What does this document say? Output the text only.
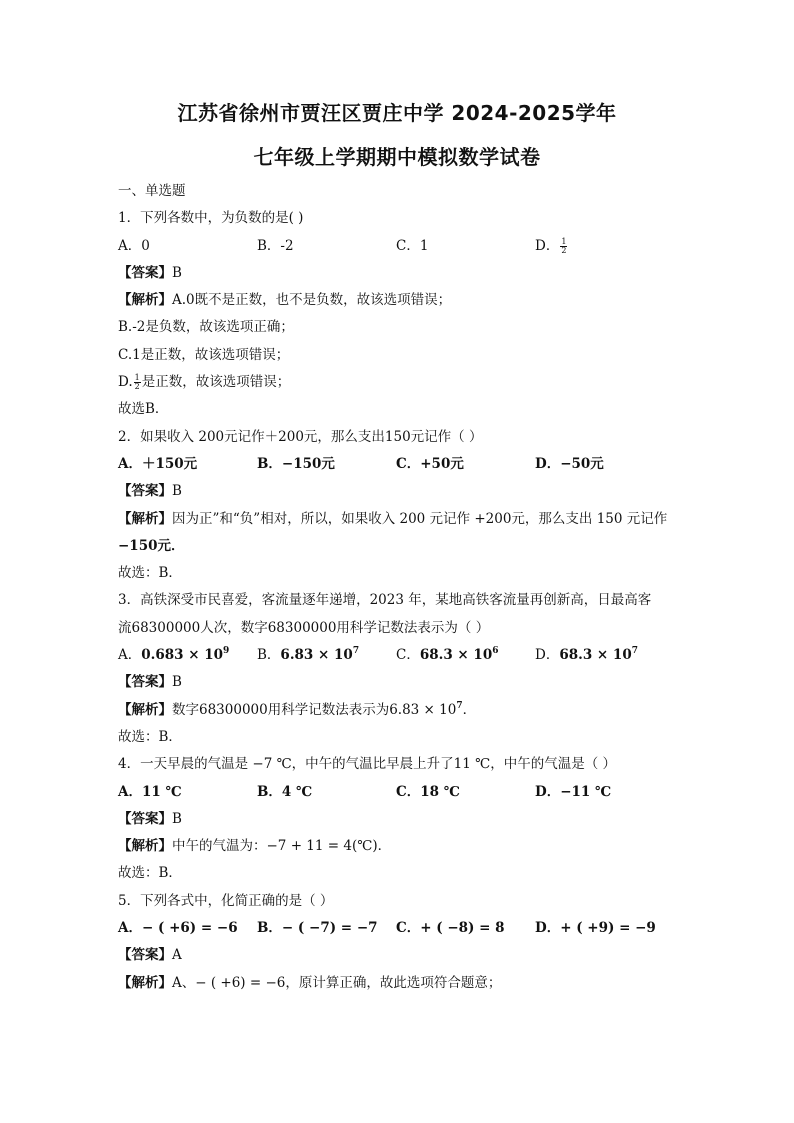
江苏省徐州市贾汪区贾庄中学 2024-2025学年
七年级上学期期中模拟数学试卷
一、单选题
1．下列各数中，为负数的是( )
A．0	B．-2	C．1	D． $\frac{1}{2}$
【答案】B
【解析】A.0既不是正数，也不是负数，故该选项错误；
B.-2是负数，故该选项正确；
C.1是正数，故该选项错误；
D. $\frac{1}{2}$ 是正数，故该选项错误；
故选B．
2．如果收入 200元记作＋200元，那么支出150元记作（ ）
A．＋150元	B．−150元	C．+50元	D．−50元
【答案】B
【解析】因为正”和“负”相对，所以，如果收入 200 元记作 +200元，那么支出 150 元记作
−150元．
故选：B．
3．高铁深受市民喜爱，客流量逐年递增，2023 年，某地高铁客流量再创新高，日最高客
流68300000人次，数字68300000用科学记数法表示为（ ）
A．$0.683 \times 10^9$	B．$6.83 \times 10^7$	C．$68.3 \times 10^6$	D．$68.3 \times 10^7$
【答案】B
【解析】数字68300000用科学记数法表示为$6.83 \times 10^7$．
故选：B．
4．一天早晨的气温是 −7 ℃，中午的气温比早晨上升了11 ℃，中午的气温是（ ）
A．11 ℃	B．4 ℃	C．18 ℃	D．−11 ℃
【答案】B
【解析】中午的气温为：−7 + 11 = 4(℃)．
故选：B．
5．下列各式中，化简正确的是（ ）
A．− ( +6) = −6	B．− ( −7) = −7	C．+ ( −8) = 8	D．+ ( +9) = −9
【答案】A
【解析】A、− ( +6) = −6，原计算正确，故此选项符合题意；
